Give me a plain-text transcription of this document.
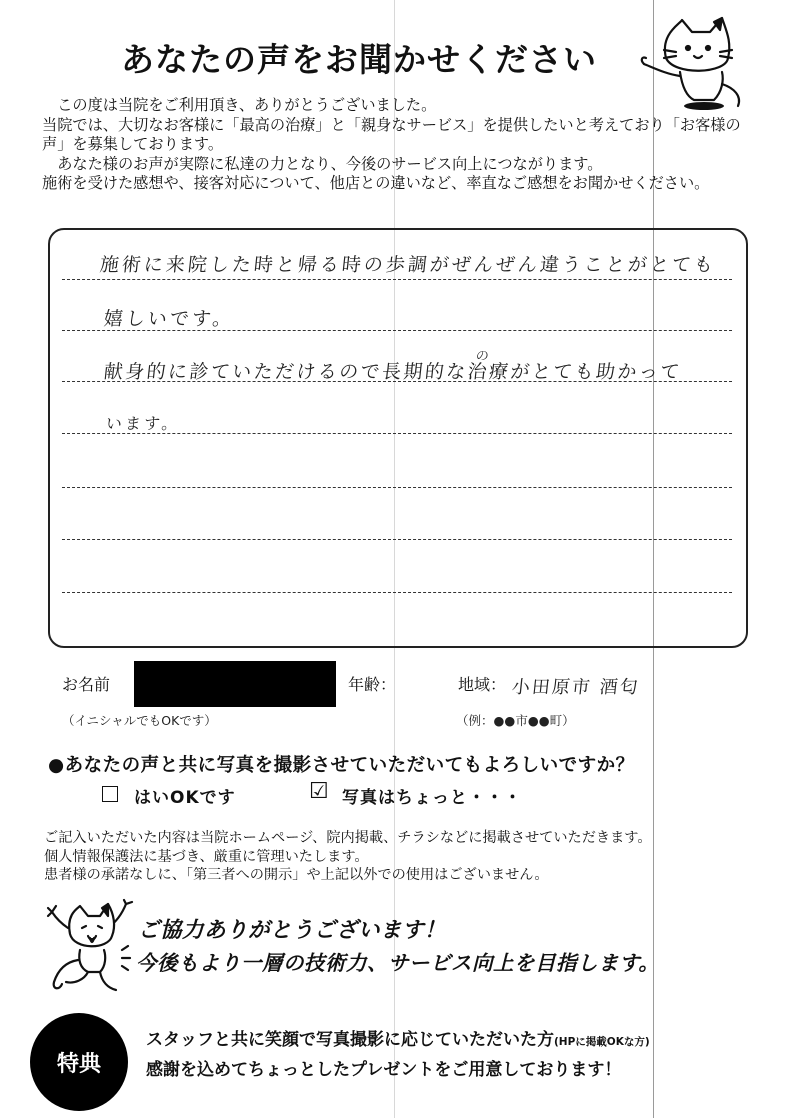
あなたの声をお聞かせください
　この度は当院をご利用頂き、ありがとうございました。
当院では、大切なお客様に「最高の治療」と「親身なサービス」を提供したいと考えており「お客様の声」を募集しております。
　あなた様のお声が実際に私達の力となり、今後のサービス向上につながります。
施術を受けた感想や、接客対応について、他店との違いなど、率直なご感想をお聞かせください。
施術に来院した時と帰る時の歩調がぜんぜん違うことがとても
嬉しいです。
献身的に診ていただけるので長期的な治療がとても助かって
の
います。
お名前	年齢：	地域： 小田原市 酒匂
（イニシャルでもOKです）	（例：●●市●●町）
●あなたの声と共に写真を撮影させていただいてもよろしいですか？
はいOKです	☑ 写真はちょっと・・・
ご記入いただいた内容は当院ホームページ、院内掲載、チラシなどに掲載させていただきます。
個人情報保護法に基づき、厳重に管理いたします。
患者様の承諾なしに、「第三者への開示」や上記以外での使用はございません。
ご協力ありがとうございます！
今後もより一層の技術力、サービス向上を目指します。
特典
スタッフと共に笑顔で写真撮影に応じていただいた方(HPに掲載OKな方)
感謝を込めてちょっとしたプレゼントをご用意しております！
